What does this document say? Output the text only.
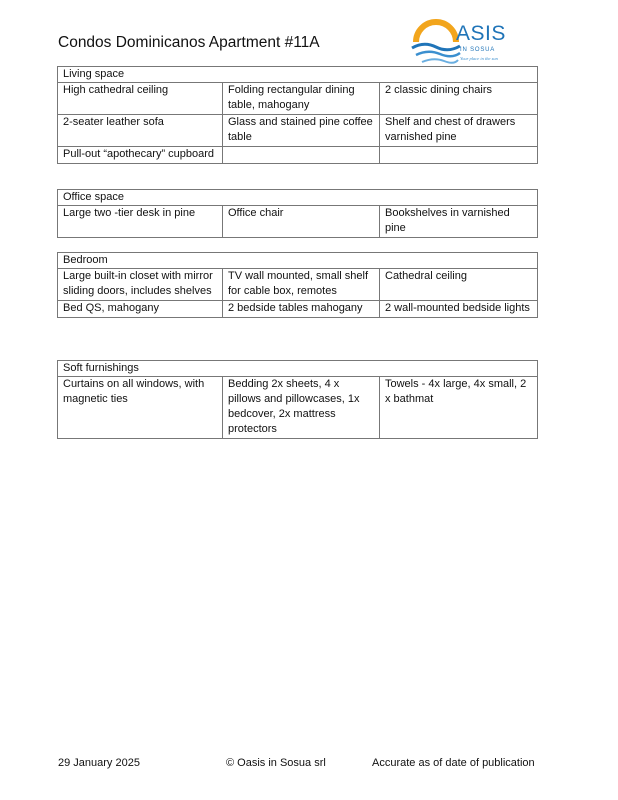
Condos Dominicanos Apartment #11A	ASIS
IN SOSUA
Your place in the sun
Living space		
High cathedral ceiling	Folding rectangular dining table, mahogany	2 classic dining chairs
2-seater leather sofa	Glass and stained pine coffee table	Shelf and chest of drawers varnished pine
Pull-out “apothecary” cupboard		
Office space
Large two -tier desk in pine	Office chair	Bookshelves in varnished pine
Bedroom		
Large built-in closet with mirror sliding doors, includes shelves	TV wall mounted, small shelf for cable box, remotes	Cathedral ceiling
Bed QS, mahogany	2 bedside tables mahogany	2 wall-mounted bedside lights
Soft furnishings
Curtains on all windows, with magnetic ties	Bedding 2x sheets, 4 x pillows and pillowcases, 1x bedcover, 2x mattress protectors	Towels - 4x large, 4x small, 2 x bathmat
29 January 2025	© Oasis in Sosua srl	Accurate as of date of publication
